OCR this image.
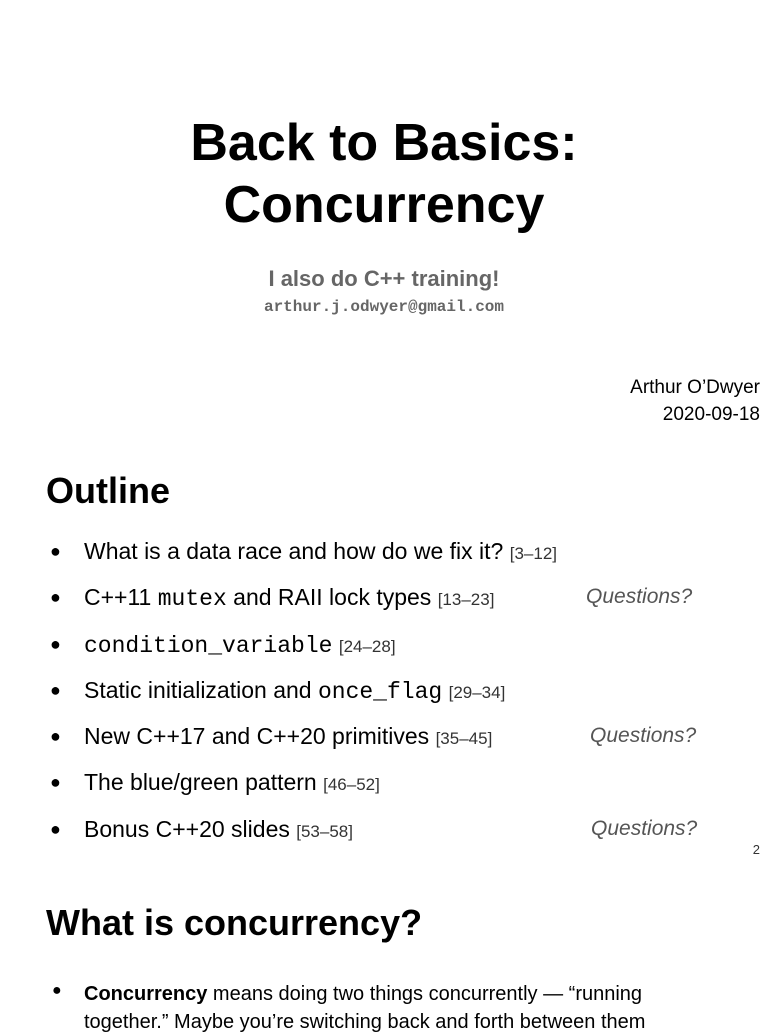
Back to Basics:
Concurrency
I also do C++ training!
arthur.j.odwyer@gmail.com
Arthur O’Dwyer
2020-09-18
Outline
● What is a data race and how do we fix it? [3–12]
● C++11 mutex and RAII lock types [13–23]	Questions?
● condition_variable [24–28]
● Static initialization and once_flag [29–34]
● New C++17 and C++20 primitives [35–45]	Questions?
● The blue/green pattern [46–52]
● Bonus C++20 slides [53–58]	Questions?
2
What is concurrency?
● Concurrency means doing two things concurrently — “running together.” Maybe you’re switching back and forth between them
